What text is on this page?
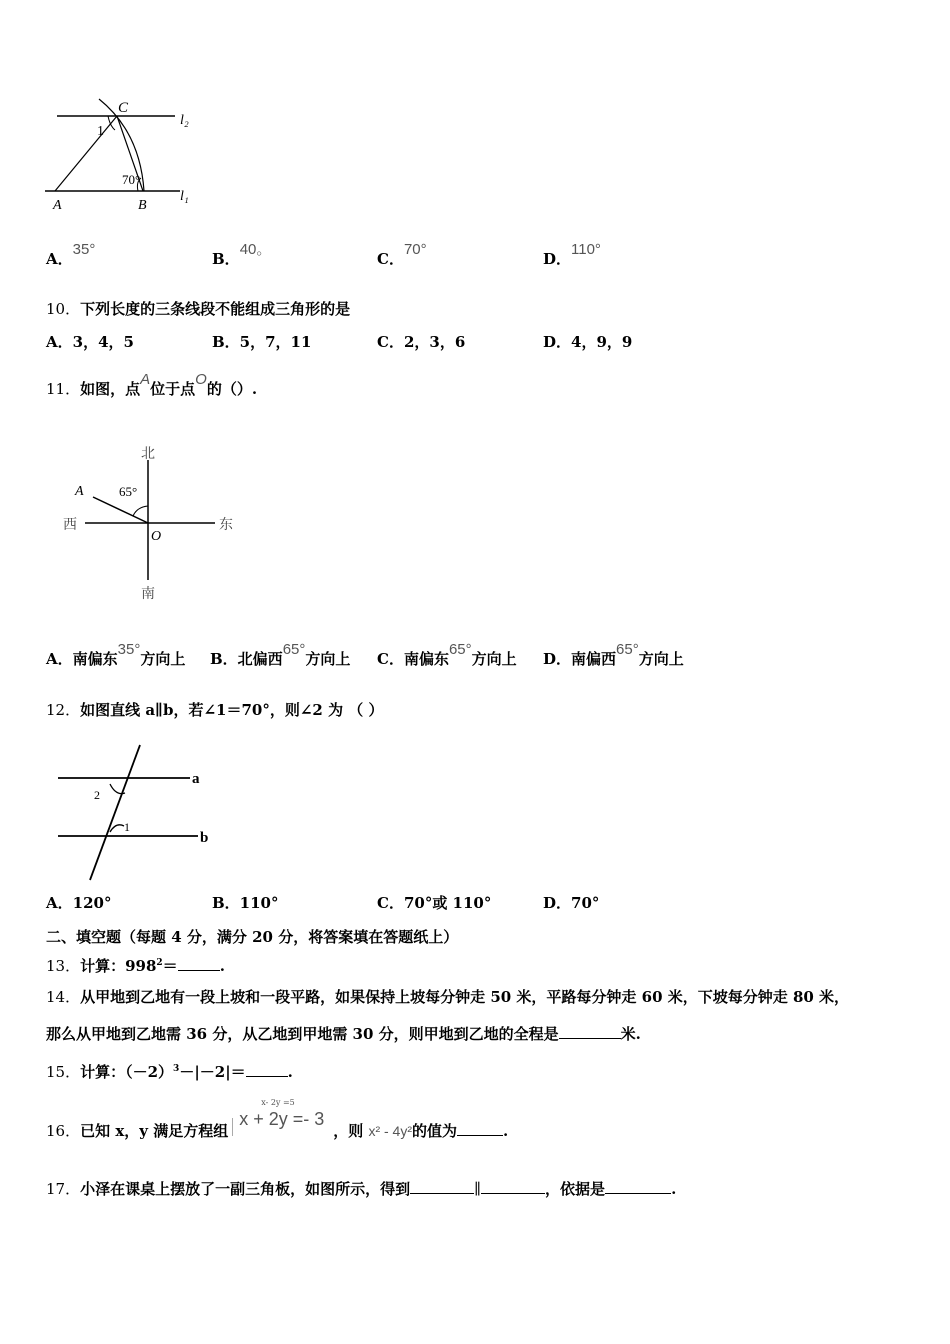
C
l₂
l₁
A	B
1
70°
A．35°
B．40。
C．70°
D．110°
10．下列长度的三条线段不能组成三角形的是
A．3，4，5	B．5，7，11	C．2，3，6	D．4，9，9
11．如图，点A位于点O的（）.
北
南
东
西
A
O
65°
A．南偏东35°方向上 B．北偏西65°方向上 C．南偏东65°方向上 D．南偏西65°方向上
12．如图直线 a∥b，若∠1＝70°，则∠2 为 （ ）
a
b
2
1
A．120°	B．110°	C．70°或 110°	D．70°
二、填空题（每题 4 分，满分 20 分，将答案填在答题纸上）
13．计算：$998^2=$	.
14．从甲地到乙地有一段上坡和一段平路，如果保持上坡每分钟走 50 米，平路每分钟走 60 米，下坡每分钟走 80 米，
那么从甲地到乙地需 36 分，从乙地到甲地需 30 分，则甲地到乙地的全程是	米.
15．计算：$(-2)^3-|-2|=$	.
16．已知 x，y 满足方程组
x- 2y =5
x + 2y =- 3
，则 x² - 4y²的值为	.
17．小泽在课桌上摆放了一副三角板，如图所示，得到	∥	，依据是	.
